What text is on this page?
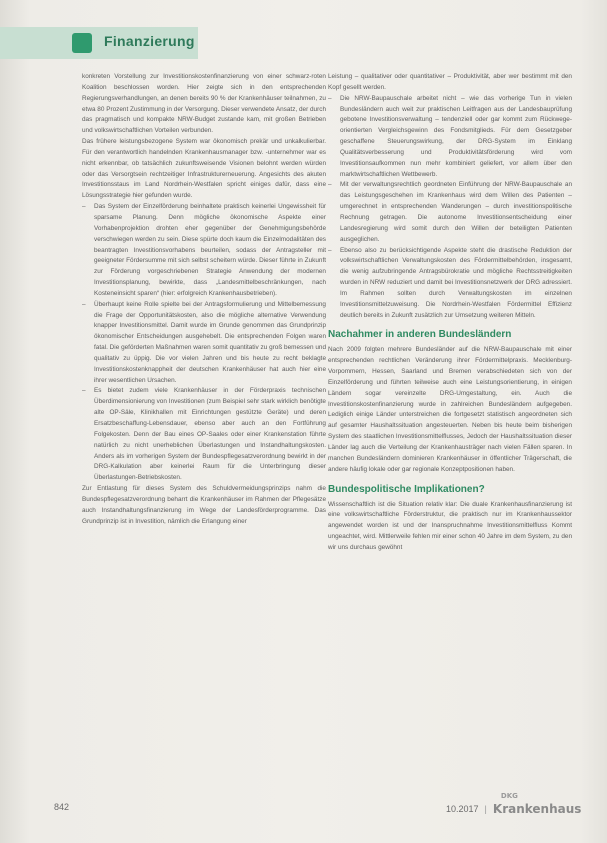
Finanzierung

konkreten Vorstellung zur Investitionskostenfinanzierung von einer schwarz-roten Koalition beschlossen worden. Hier zeigte sich in den entsprechenden Regierungsverhandlungen, an denen bereits 90 % der Krankenhäuser teilnahmen, zu etwa 80 Prozent Zustimmung in der Versorgung. Dieser verwendete Ansatz, der durch das pragmatisch und kompakte NRW-Budget zustande kam, mit großen Betrieben und volkswirtschaftlichen Vorteilen verbunden.

Das frühere leistungsbezogene System war ökonomisch prekär und unkalkulierbar. Für den verantwortlich handelnden Krankenhausmanager bzw. -unternehmer war es nicht erkennbar, ob tatsächlich zukunftsweisende Visionen belohnt werden würden oder das Versorgtsein rechtzeitiger Infrastrukturerneuerung. Angesichts des akuten Investitionsstaus im Land Nordrhein-Westfalen spricht einiges dafür, dass eine Lösungsstrategie hier gefunden wurde.

– Das System der Einzelförderung beinhaltete praktisch keinerlei Ungewissheit für sparsame Planung. Denn mögliche ökonomische Aspekte einer Vorhabenprojektion drohten eher gegenüber der Genehmigungsbehörde verschwiegen werden zu sein. Diese spürte doch kaum die Einzelmodalitäten des beantragten Investitionsvorhabens beurteilen, sodass der Antragsteller mit geeigneter Fördersumme mit sich selbst scheitern würde. Dieser führte in Zukunft zur Förderung vorgeschriebenen Strategie Anwendung der modernen Investitionsplanung, bewirkte, dass „Landesmittelbeschränkungen, nach Kosteneinsicht sparen“ (hier: erfolgreich Krankenhausbetrieben).

– Überhaupt keine Rolle spielte bei der Antragsformulierung und Mittelbemessung die Frage der Opportunitätskosten, also die mögliche alternative Verwendung knapper Investitionsmittel. Damit wurde im Grunde genommen das Grundprinzip ökonomischer Entscheidungen ausgehebelt. Die entsprechenden Folgen waren fatal. Die geförderten Maßnahmen waren somit quantitativ zu groß bemessen und qualitativ zu üppig. Die vor vielen Jahren und bis heute zu recht beklagte Investitionskostenknappheit der deutschen Krankenhäuser hat auch hier eine ihrer wesentlichen Ursachen.

– Es bietet zudem viele Krankenhäuser in der Förderpraxis technischen Überdimensionierung von Investitionen (zum Beispiel sehr stark wirklich benötigte alte OP-Säle, Klinikhallen mit Einrichtungen gestützte Geräte) und deren Ersatzbeschaffung-Lebensdauer, ebenso aber auch an den Fortführung Folgekosten. Denn der Bau eines OP-Saales oder einer Krankenstation führte natürlich zu nicht unerheblichen Überlastungen und Instandhaltungskosten. Anders als im vorherigen System der Bundespflegesatzverordnung bewirkt in der DRG-Kalkulation aber keinerlei Raum für die Unterbringung dieser Überlastungen-Betriebskosten.

Zur Entlastung für dieses System des Schuldvermeidungsprinzips nahm die Bundespflegesatzverordnung beharrt die Krankenhäuser im Rahmen der Pflegesätze auch Instandhaltungsfinanzierung im Wege der Landesförderprogramme. Das Grundprinzip ist in Investition, nämlich die Erlangung einer

Leistung – qualitativer oder quantitativer – Produktivität, aber wer bestimmt mit den Kopf gesellt werden.

– Die NRW-Baupauschale arbeitet nicht – wie das vorherige Tun in vielen Bundesländern auch weit zur praktischen Leitfragen aus der Landesbauprüfung gebotene Investitionsverwaltung – tendenziell oder gar kommt zum Rückwege-orientierten Vergleichsgewinn des Fondsmitglieds. Für dem Gesetzgeber geschaffene Steuerungswirkung, der DRG-System im Einklang Qualitätsverbesserung und Produktivitätsförderung wird vom Investitionsaufkommen nun mehr kombiniert geliefert, vor allem über den marktwirtschaftlichen Wettbewerb.

– Mit der verwaltungsrechtlich geordneten Einführung der NRW-Baupauschale an das Leistungsgeschehen im Krankenhaus wird dem Willen des Patienten – umgerechnet in entsprechenden Wanderungen – durch investitionspolitische Rechnung getragen. Die autonome Investitionsentscheidung einer Landesregierung wird somit durch den Willen der beteiligten Patienten ausgeglichen.

– Ebenso also zu berücksichtigende Aspekte steht die drastische Reduktion der volkswirtschaftlichen Verwaltungskosten des Fördermittelbehörden, insgesamt, die wenig aufzubringende Antragsbürokratie und mögliche Rechtsstreitigkeiten wurden in NRW reduziert und damit bei Investitionsnetzwerk der DRG adressiert. Im Rahmen sollten durch Verwaltungskosten im einzelnen Investitionsmittelzuweisung. Die Nordrhein-Westfalen Fördermittel Effizienz deutlich bereits in Zukunft zusätzlich zur Umsetzung weiteren Mitteln.

Nachahmer in anderen Bundesländern

Nach 2009 folgten mehrere Bundesländer auf die NRW-Baupauschale mit einer entsprechenden rechtlichen Veränderung ihrer Fördermittelpraxis. Mecklenburg-Vorpommern, Hessen, Saarland und Bremen verabschiedeten sich von der Einzelförderung und führten teilweise auch eine Leistungsorientierung, in einigen Ländern sogar vereinzelte DRG-Umgestaltung, ein. Auch die Investitionskostenfinanzierung wurde in zahlreichen Bundesländern aufgegeben. Lediglich einige Länder unterstreichen die fortgesetzt statistisch angeordneten sich auf gesamter Haushaltssituation angesteuerten. Neben bis heute beim bisherigen System des staatlichen Investitionsmittelflusses, Jedoch der Haushaltssituation dieser Länder lag auch die Verteilung der Krankenhausträger nach vielen Fällen sparen. In manchen Bundesländern dominieren Krankenhäuser in öffentlicher Trägerschaft, die andere häufig lokale oder gar regionale Konzeptpositionen haben.

Bundespolitische Implikationen?

Wissenschaftlich ist die Situation relativ klar: Die duale Krankenhausfinanzierung ist eine volkswirtschaftliche Förderstruktur, die praktisch nur im Krankenhaussektor angewendet worden ist und der Inanspruchnahme Investitionsmittelfluss Kommt ungeachtet, wird. Mittlerweile fehlen mir einer schon 40 Jahre im dem System, zu den wir uns durchaus gewöhnt

842	10.2017 |
DKG
Krankenhaus
